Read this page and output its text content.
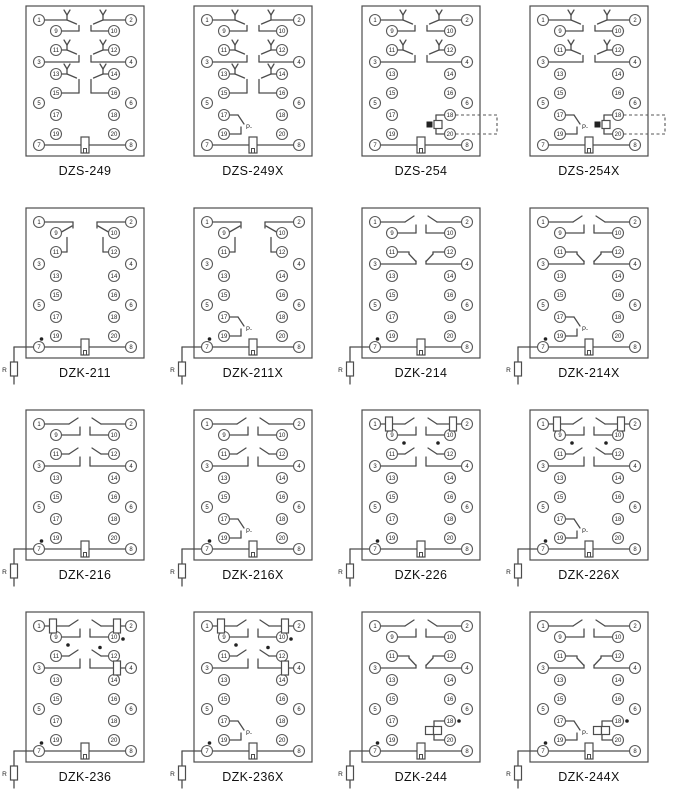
1
3
5
7
2
4
6
8
9
11
13
15
17
19
10
12
14
16
18
20
DZS-249
P-
1
3
5
7
2
4
6
8
9
11
13
15
17
19
10
12
14
16
18
20
DZS-249X
1
3
5
7
2
4
6
8
9
11
13
15
17
19
10
12
14
16
18
20
DZS-254
P-
1
3
5
7
2
4
6
8
9
11
13
15
17
19
10
12
14
16
18
20
DZS-254X
1
3
5
7
2
4
6
8
9
11
13
15
17
19
10
12
14
16
18
20
R	DZK-211
P-
1
3
5
7
2
4
6
8
9
11
13
15
17
19
10
12
14
16
18
20
R	DZK-211X
1
3
5
7
2
4
6
8
9
11
13
15
17
19
10
12
14
16
18
20
R	DZK-214
P-
1
3
5
7
2
4
6
8
9
11
13
15
17
19
10
12
14
16
18
20
R	DZK-214X
1
3
5
7
2
4
6
8
9
11
13
15
17
19
10
12
14
16
18
20
R	DZK-216
P-
1
3
5
7
2
4
6
8
9
11
13
15
17
19
10
12
14
16
18
20
R	DZK-216X
1
3
5
7
2
4
6
8
9
11
13
15
17
19
10
12
14
16
18
20
R	DZK-226
P-
1
3
5
7
2
4
6
8
9
11
13
15
17
19
10
12
14
16
18
20
R	DZK-226X
1
3
5
7
2
4
6
8
9
11
13
15
17
19
10
12
14
16
18
20
R	DZK-236
P-
1
3
5
7
2
4
6
8
9
11
13
15
17
19
10
12
14
16
18
20
R	DZK-236X
1
3
5
7
2
4
6
8
9
11
13
15
17
19
10
12
14
16
18
20
R	DZK-244
P-
1
3
5
7
2
4
6
8
9
11
13
15
17
19
10
12
14
16
18
20
R	DZK-244X
